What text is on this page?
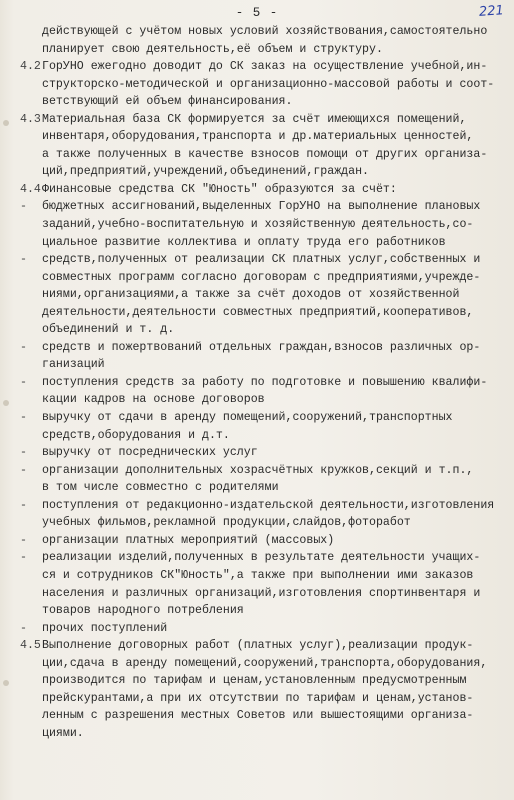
- 5 -	221
действующей с учётом новых условий хозяйствования,самостоятельно
планирует свою деятельность,её объем и структуру.
4.2 ГорУНО ежегодно доводит до СК заказ на осуществление учебной,ин-
структорско-методической и организационно-массовой работы и соот-
ветствующий ей объем финансирования.
4.3 Материальная база СК формируется за счёт имеющихся помещений,
инвентаря,оборудования,транспорта и др.материальных ценностей,
а также полученных в качестве взносов помощи от других организа-
ций,предприятий,учреждений,объединений,граждан.
4.4 Финансовые средства СК "Юность" образуются за счёт:
-	бюджетных ассигнований,выделенных ГорУНО на выполнение плановых
заданий,учебно-воспитательную и хозяйственную деятельность,со-
циальное развитие коллектива и оплату труда его работников
-	средств,полученных от реализации СК платных услуг,собственных и
совместных программ согласно договорам с предприятиями,учрежде-
ниями,организациями,а также за счёт доходов от хозяйственной
деятельности,деятельности совместных предприятий,кооперативов,
объединений и т. д.
-	средств и пожертвований отдельных граждан,взносов различных ор-
ганизаций
-	поступления средств за работу по подготовке и повышению квалифи-
кации кадров на основе договоров
-	выручку от сдачи в аренду помещений,сооружений,транспортных
средств,оборудования и д.т.
-	выручку от посреднических услуг
-	организации дополнительных хозрасчётных кружков,секций и т.п.,
в том числе совместно с родителями
-	поступления от редакционно-издательской деятельности,изготовления
учебных фильмов,рекламной продукции,слайдов,фоторабот
-	организации платных мероприятий (массовых)
-	реализации изделий,полученных в результате деятельности учащих-
ся и сотрудников СК"Юность",а также при выполнении ими заказов
населения и различных организаций,изготовления спортинвентаря и
товаров народного потребления
-	прочих поступлений
4.5 Выполнение договорных работ (платных услуг),реализации продук-
ции,сдача в аренду помещений,сооружений,транспорта,оборудования,
производится по тарифам и ценам,установленным предусмотренным
прейскурантами,а при их отсутствии по тарифам и ценам,установ-
ленным с разрешения местных Советов или вышестоящими организа-
циями.
